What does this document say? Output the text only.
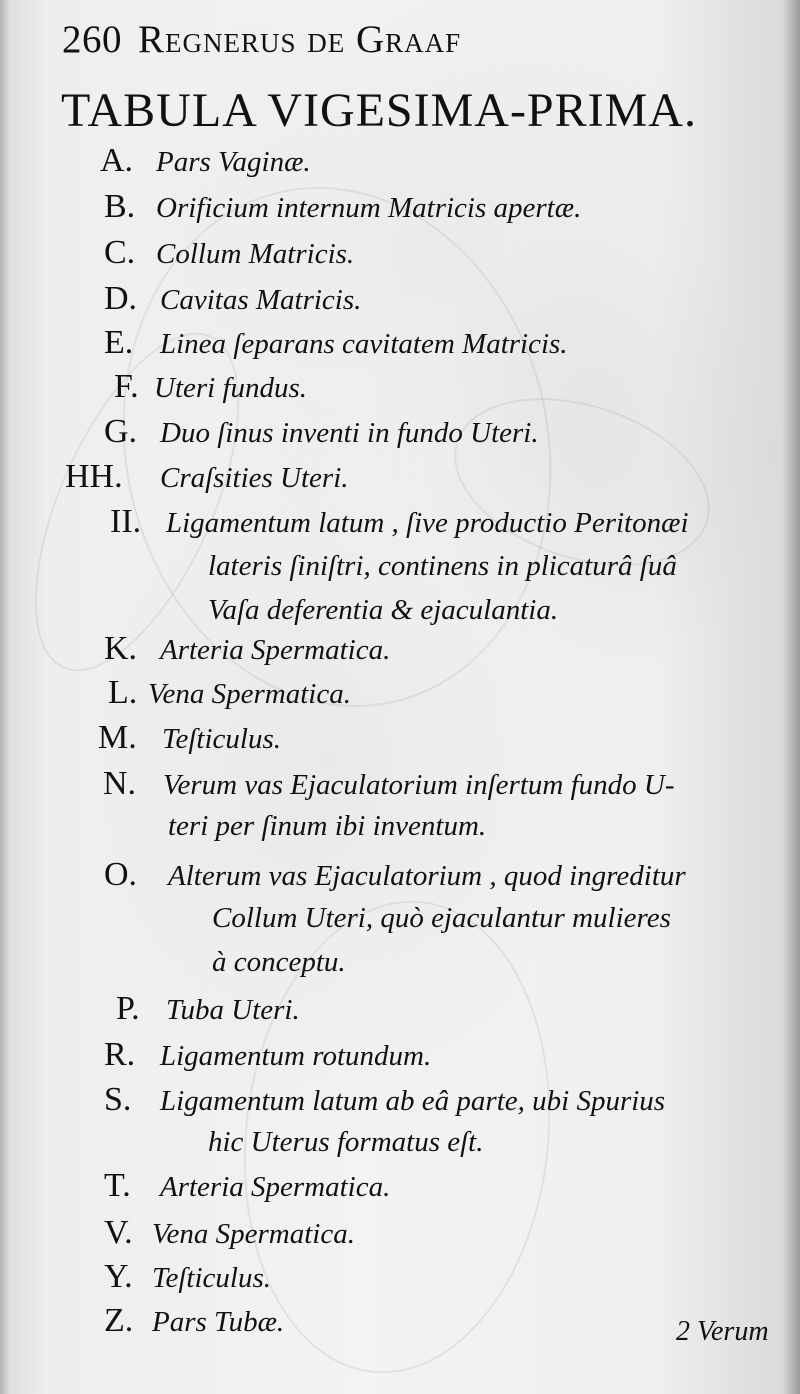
260 Regnerus de Graaf
TABULA VIGESIMA-PRIMA.
A. Pars Vaginæ.
B. Orificium internum Matricis apertæ.
C. Collum Matricis.
D. Cavitas Matricis.
E. Linea ſeparans cavitatem Matricis.
F. Uteri fundus.
G. Duo ſinus inventi in fundo Uteri.
HH. Craſsities Uteri.
II. Ligamentum latum , ſive productio Peritonæi
lateris ſiniſtri, continens in plicaturâ ſuâ
Vaſa deferentia & ejaculantia.
K. Arteria Spermatica.
L. Vena Spermatica.
M. Teſticulus.
N. Verum vas Ejaculatorium inſertum fundo U-
teri per ſinum ibi inventum.
O. Alterum vas Ejaculatorium , quod ingreditur
Collum Uteri, quò ejaculantur mulieres
à conceptu.
P. Tuba Uteri.
R. Ligamentum rotundum.
S. Ligamentum latum ab eâ parte, ubi Spurius
hic Uterus formatus eſt.
T. Arteria Spermatica.
V. Vena Spermatica.
Y. Teſticulus.
Z. Pars Tubæ.	2 Verum
